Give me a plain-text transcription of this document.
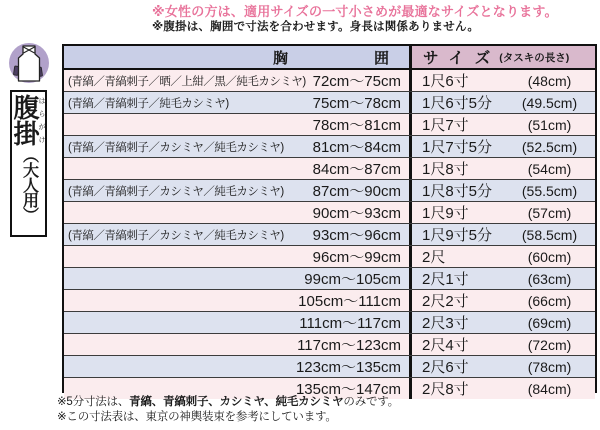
※女性の方は、適用サイズの一寸小さめが最適なサイズとなります。
※腹掛は、胸囲で寸法を合わせます。身長は関係ありません。
腹はら
掛がけ
（大人用）
胸	囲	サイズ
(タスキの長さ)
(青縞／青縞刺子／晒／上紺／黒／純毛カシミヤ) 72cm～75cm	1尺6寸	(48cm)
(青縞／青縞刺子／純毛カシミヤ)	75cm～78cm	1尺6寸5分	(49.5cm)
78cm～81cm	1尺7寸	(51cm)
(青縞／青縞刺子／カシミヤ／純毛カシミヤ) 81cm～84cm	1尺7寸5分	(52.5cm)
84cm～87cm	1尺8寸	(54cm)
(青縞／青縞刺子／カシミヤ／純毛カシミヤ) 87cm～90cm	1尺8寸5分	(55.5cm)
90cm～93cm	1尺9寸	(57cm)
(青縞／青縞刺子／カシミヤ／純毛カシミヤ) 93cm～96cm	1尺9寸5分	(58.5cm)
96cm～99cm	2尺	(60cm)
99cm～105cm	2尺1寸	(63cm)
105cm～111cm	2尺2寸	(66cm)
111cm～117cm	2尺3寸	(69cm)
117cm～123cm	2尺4寸	(72cm)
123cm～135cm	2尺6寸	(78cm)
135cm～147cm	2尺8寸	(84cm)
※5分寸法は、青縞、青縞刺子、カシミヤ、純毛カシミヤのみです。
※この寸法表は、東京の神輿装束を参考にしています。
